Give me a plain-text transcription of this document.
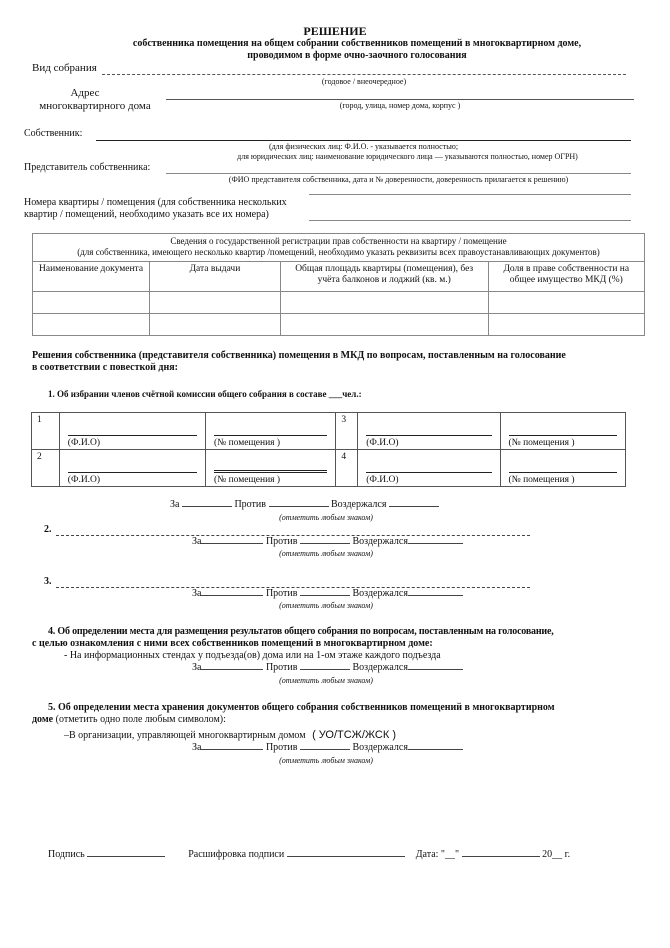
РЕШЕНИЕ
собственника помещения на общем собрании собственников помещений в многоквартирном доме,
проводимом в форме очно-заочного голосования
Вид собрания
(годовое / внеочередное)
Адрес
многоквартирного дома	(город, улица, номер дома, корпус )
Собственник:
(для физических лиц: Ф.И.О. - указывается полностью;
для юридических лиц: наименование юридического лица — указываются полностью, номер ОГРН)
Представитель собственника:
(ФИО представителя собственника, дата и № доверенности, доверенность прилагается к решению)
Номера квартиры / помещения (для собственника нескольких
квартир / помещений, необходимо указать все их номера)
Сведения о государственной регистрации прав собственности на квартиру / помещение
(для собственника, имеющего несколько квартир /помещений, необходимо указать реквизиты всех правоустанавливающих документов)			

Наименование документа	Дата выдачи	Общая площадь квартиры (помещения), без учёта балконов и лоджий (кв. м.)	Доля в праве собственности на общее имущество МКД (%)

Решения собственника (представителя собственника) помещения в МКД по вопросам, поставленным на голосование
в соответствии с повесткой дня:
1. Об избрании членов счётной комиссии общего собрания в составе ___чел.:
1	(Ф.И.О)	(№ помещения )	3	(Ф.И.О)	(№ помещения )

2	(Ф.И.О)	(№ помещения )	4	(Ф.И.О)	(№ помещения )
За	Против	Воздержался
(отметить любым знаком)
2.
За	Против	Воздержался
(отметить любым знаком)
3.
За	Против	Воздержался
(отметить любым знаком)
4. Об определении места для размещения результатов общего собрания по вопросам, поставленным на голосование,
с целью ознакомления с ними всех собственников помещений в многоквартирном доме:
- На информационных стендах у подъезда(ов) дома или на 1-ом этаже каждого подъезда
За	Против	Воздержался
(отметить любым знаком)
5. Об определении места хранения документов общего собрания собственников помещений в многоквартирном
доме (отметить одно поле любым символом):
–В организации, управляющей многоквартирным домом ( УО/ТСЖ/ЖСК )
За	Против	Воздержался
(отметить любым знаком)
Подпись	Расшифровка подписи	Дата: "__"	20__ г.
